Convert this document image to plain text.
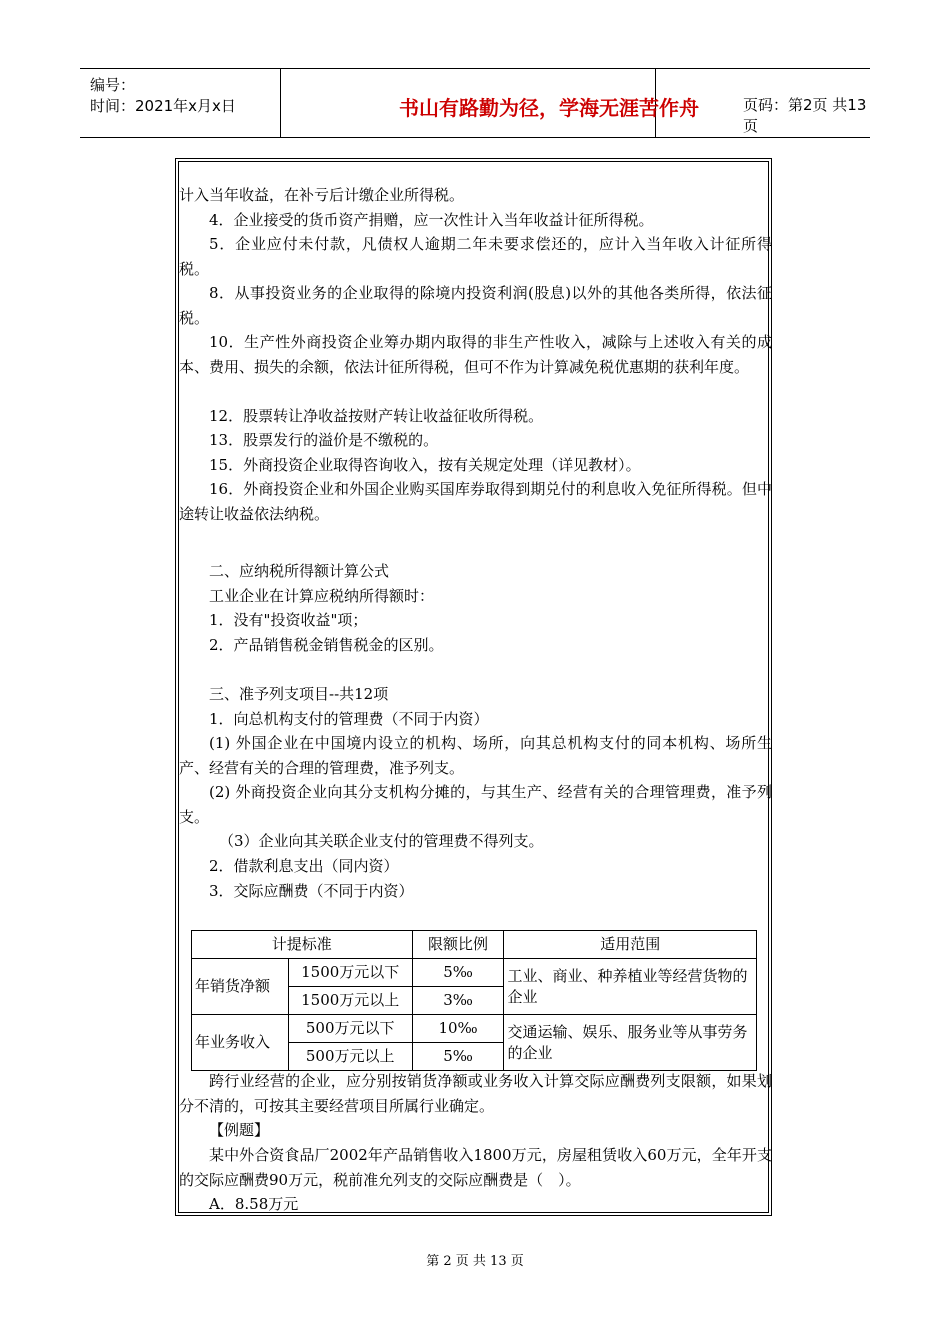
编号：
时间：2021年x月x日	书山有路勤为径，学海无涯苦作舟	页码：第2页 共13页

计入当年收益，在补亏后计缴企业所得税。

4．企业接受的货币资产捐赠，应一次性计入当年收益计征所得税。

5．企业应付未付款，凡债权人逾期二年未要求偿还的，应计入当年收入计征所得税。

8．从事投资业务的企业取得的除境内投资利润(股息)以外的其他各类所得，依法征税。

10．生产性外商投资企业筹办期内取得的非生产性收入，减除与上述收入有关的成本、费用、损失的余额，依法计征所得税，但可不作为计算减免税优惠期的获利年度。

12．股票转让净收益按财产转让收益征收所得税。

13．股票发行的溢价是不缴税的。

15．外商投资企业取得咨询收入，按有关规定处理（详见教材）。

16．外商投资企业和外国企业购买国库券取得到期兑付的利息收入免征所得税。但中途转让收益依法纳税。

二、应纳税所得额计算公式

工业企业在计算应税纳所得额时：

1．没有"投资收益"项；

2．产品销售税金销售税金的区别。

三、准予列支项目--共12项

1．向总机构支付的管理费（不同于内资）

(1) 外国企业在中国境内设立的机构、场所，向其总机构支付的同本机构、场所生产、经营有关的合理的管理费，准予列支。

(2) 外商投资企业向其分支机构分摊的，与其生产、经营有关的合理管理费，准予列支。

（3）企业向其关联企业支付的管理费不得列支。

2．借款利息支出（同内资）

3．交际应酬费（不同于内资）

计提标准		限额比例	适用范围
年销货净额	1500万元以下	5‰	工业、商业、种养植业等经营货物的企业
	1500万元以上	3‰	
年业务收入	500万元以下	10‰	交通运输、娱乐、服务业等从事劳务的企业
	500万元以上	5‰	

跨行业经营的企业，应分别按销货净额或业务收入计算交际应酬费列支限额，如果划分不清的，可按其主要经营项目所属行业确定。

【例题】

某中外合资食品厂2002年产品销售收入1800万元，房屋租赁收入60万元，全年开支的交际应酬费90万元，税前准允列支的交际应酬费是（　）。

A．8.58万元

第 2 页 共 13 页
